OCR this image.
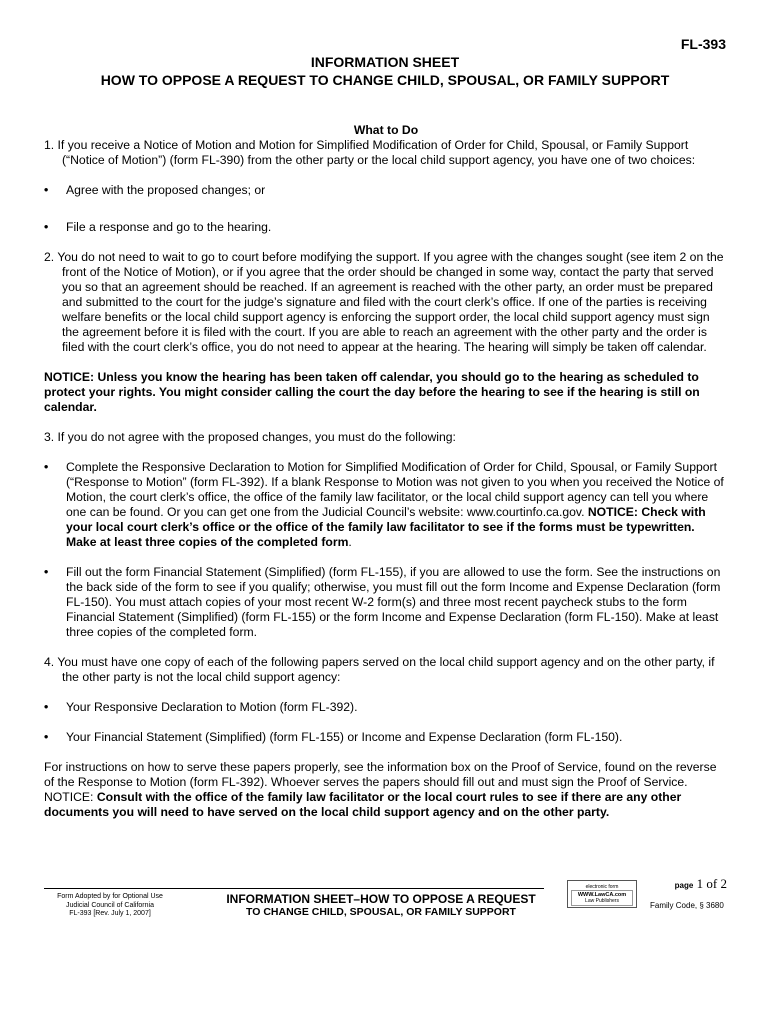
FL-393
INFORMATION SHEET
HOW TO OPPOSE A REQUEST TO CHANGE CHILD, SPOUSAL, OR FAMILY SUPPORT

What to Do

1. If you receive a Notice of Motion and Motion for Simplified Modification of Order for Child, Spousal, or Family Support (“Notice of Motion”) (form FL-390) from the other party or the local child support agency, you have one of two choices:

• Agree with the proposed changes; or

• File a response and go to the hearing.

2. You do not need to wait to go to court before modifying the support. If you agree with the changes sought (see item 2 on the front of the Notice of Motion), or if you agree that the order should be changed in some way, contact the party that served you so that an agreement should be reached. If an agreement is reached with the other party, an order must be prepared and submitted to the court for the judge’s signature and filed with the court clerk’s office. If one of the parties is receiving welfare benefits or the local child support agency is enforcing the support order, the local child support agency must sign the agreement before it is filed with the court. If you are able to reach an agreement with the other party and the order is filed with the court clerk’s office, you do not need to appear at the hearing. The hearing will simply be taken off calendar.

NOTICE: Unless you know the hearing has been taken off calendar, you should go to the hearing as scheduled to protect your rights. You might consider calling the court the day before the hearing to see if the hearing is still on calendar.

3. If you do not agree with the proposed changes, you must do the following:

• Complete the Responsive Declaration to Motion for Simplified Modification of Order for Child, Spousal, or Family Support (“Response to Motion” (form FL-392). If a blank Response to Motion was not given to you when you received the Notice of Motion, the court clerk’s office, the office of the family law facilitator, or the local child support agency can tell you where one can be found. Or you can get one from the Judicial Council’s website: www.courtinfo.ca.gov. NOTICE: Check with your local court clerk’s office or the office of the family law facilitator to see if the forms must be typewritten. Make at least three copies of the completed form.

• Fill out the form Financial Statement (Simplified) (form FL-155), if you are allowed to use the form. See the instructions on the back side of the form to see if you qualify; otherwise, you must fill out the form Income and Expense Declaration (form FL-150). You must attach copies of your most recent W-2 form(s) and three most recent paycheck stubs to the form Financial Statement (Simplified) (form FL-155) or the form Income and Expense Declaration (form FL-150). Make at least three copies of the completed form.

4. You must have one copy of each of the following papers served on the local child support agency and on the other party, if the other party is not the local child support agency:

• Your Responsive Declaration to Motion (form FL-392).

• Your Financial Statement (Simplified) (form FL-155) or Income and Expense Declaration (form FL-150).

For instructions on how to serve these papers properly, see the information box on the Proof of Service, found on the reverse of the Response to Motion (form FL-392). Whoever serves the papers should fill out and must sign the Proof of Service. NOTICE: Consult with the office of the family law facilitator or the local court rules to see if there are any other documents you will need to have served on the local child support agency and on the other party.

Form Adopted by for Optional Use
Judicial Council of California
FL-393 [Rev. July 1, 2007]
INFORMATION SHEET–HOW TO OPPOSE A REQUEST
TO CHANGE CHILD, SPOUSAL, OR FAMILY SUPPORT
electronic form
WWW.LawCA.com
Law Publishers
page 1 of 2
Family Code, § 3680
